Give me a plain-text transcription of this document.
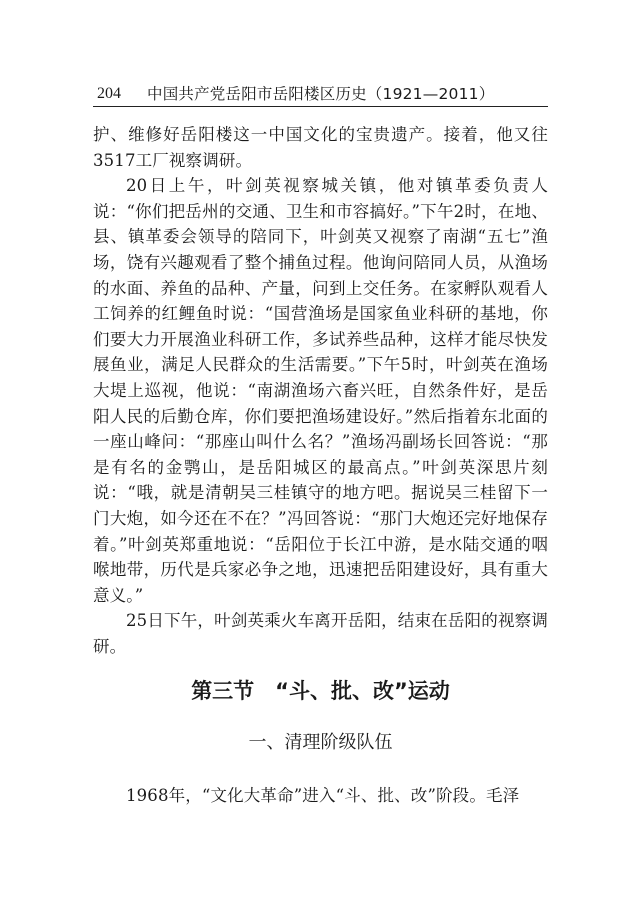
204 中国共产党岳阳市岳阳楼区历史（1921—2011）

护、维修好岳阳楼这一中国文化的宝贵遗产。接着，他又往3517工厂视察调研。

20日上午，叶剑英视察城关镇，他对镇革委负责人说：“你们把岳州的交通、卫生和市容搞好。”下午2时，在地、县、镇革委会领导的陪同下，叶剑英又视察了南湖“五七”渔场，饶有兴趣观看了整个捕鱼过程。他询问陪同人员，从渔场的水面、养鱼的品种、产量，问到上交任务。在家孵队观看人工饲养的红鲤鱼时说：“国营渔场是国家鱼业科研的基地，你们要大力开展渔业科研工作，多试养些品种，这样才能尽快发展鱼业，满足人民群众的生活需要。”下午5时，叶剑英在渔场大堤上巡视，他说：“南湖渔场六畜兴旺，自然条件好，是岳阳人民的后勤仓库，你们要把渔场建设好。”然后指着东北面的一座山峰问：“那座山叫什么名？”渔场冯副场长回答说：“那是有名的金鹗山，是岳阳城区的最高点。”叶剑英深思片刻说：“哦，就是清朝吴三桂镇守的地方吧。据说吴三桂留下一门大炮，如今还在不在？”冯回答说：“那门大炮还完好地保存着。”叶剑英郑重地说：“岳阳位于长江中游，是水陆交通的咽喉地带，历代是兵家必争之地，迅速把岳阳建设好，具有重大意义。”

25日下午，叶剑英乘火车离开岳阳，结束在岳阳的视察调研。

第三节　“斗、批、改”运动
一、清理阶级队伍

1968年，“文化大革命”进入“斗、批、改”阶段。毛泽
